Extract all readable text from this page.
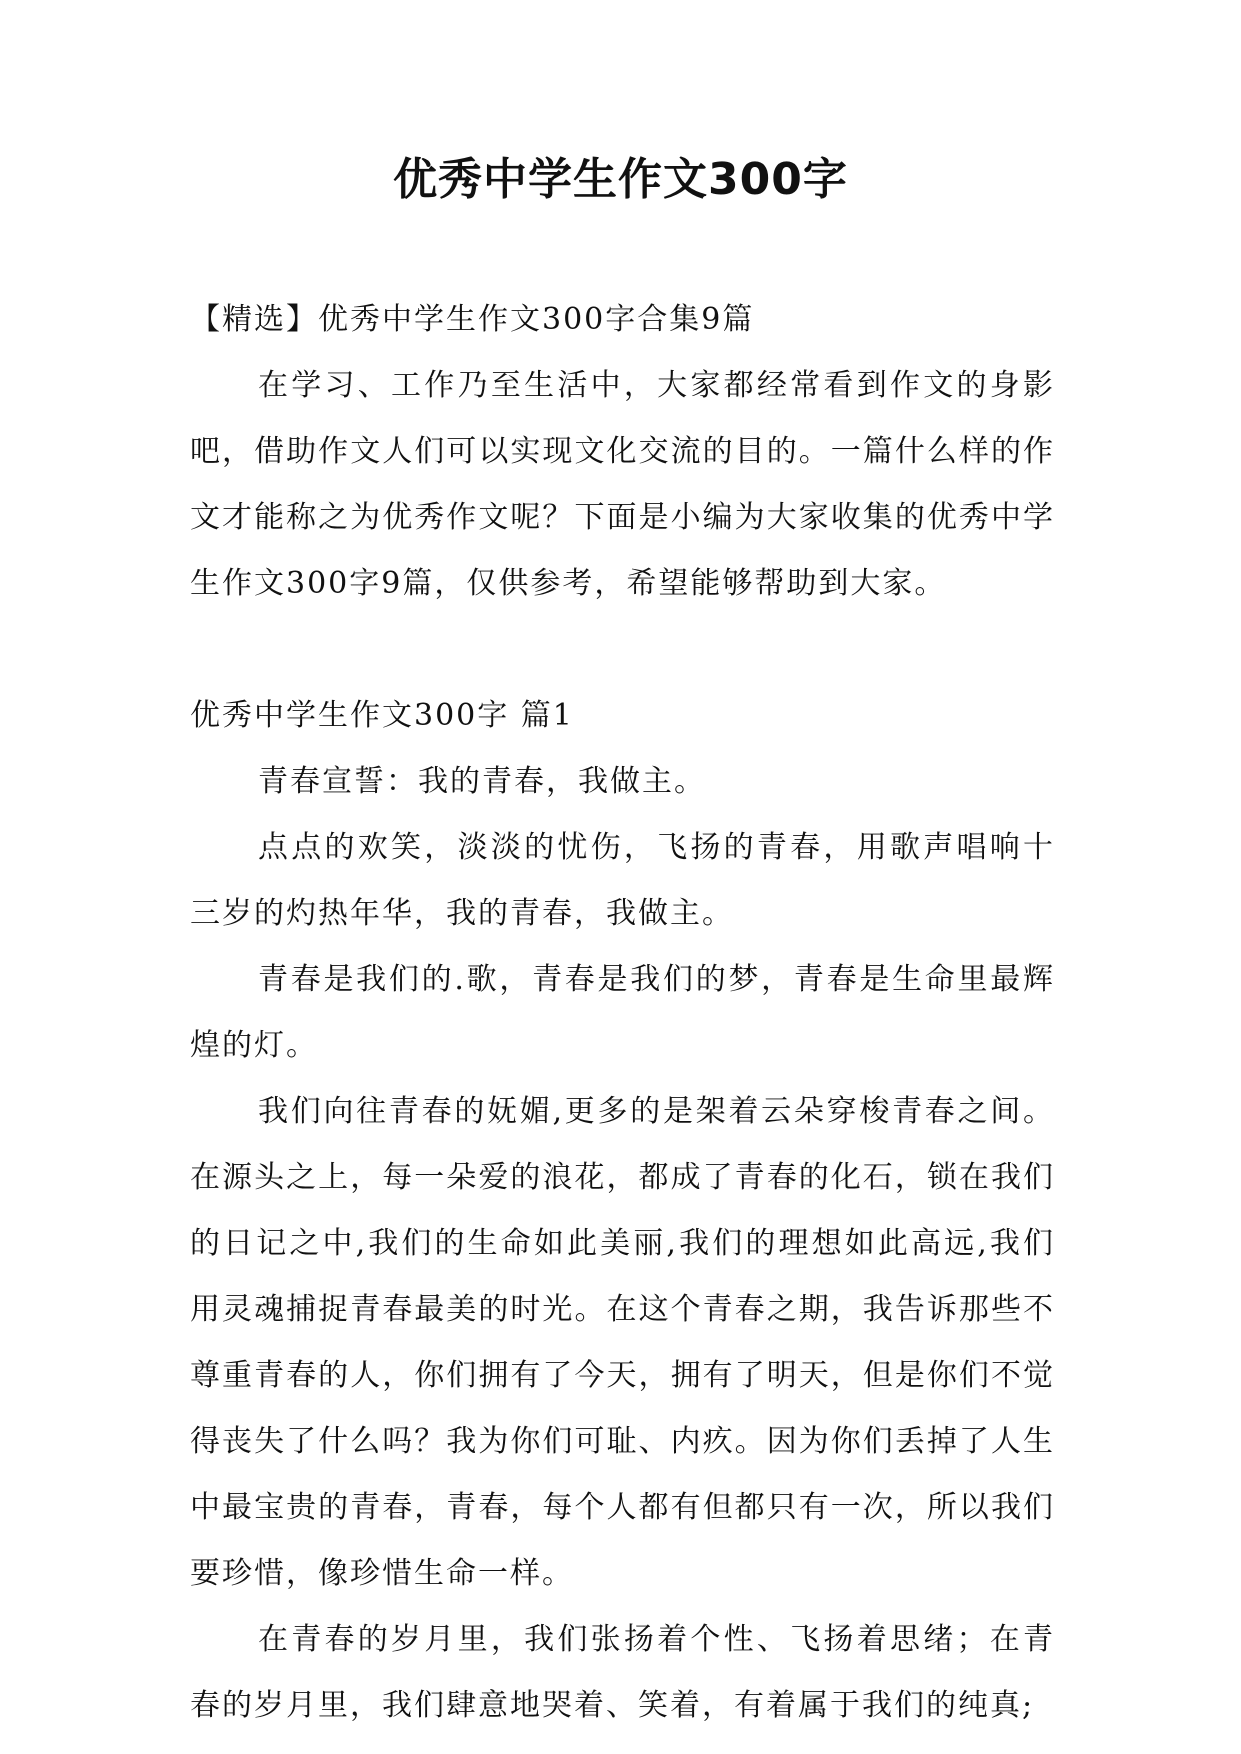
优秀中学生作文300字

【精选】优秀中学生作文300字合集9篇

在学习、工作乃至生活中，大家都经常看到作文的身影吧，借助作文人们可以实现文化交流的目的。一篇什么样的作文才能称之为优秀作文呢？下面是小编为大家收集的优秀中学生作文300字9篇，仅供参考，希望能够帮助到大家。

优秀中学生作文300字 篇1

青春宣誓：我的青春，我做主。

点点的欢笑，淡淡的忧伤，飞扬的青春，用歌声唱响十三岁的灼热年华，我的青春，我做主。

青春是我们的.歌，青春是我们的梦，青春是生命里最辉煌的灯。

我们向往青春的妩媚,更多的是架着云朵穿梭青春之间。在源头之上，每一朵爱的浪花，都成了青春的化石，锁在我们的日记之中,我们的生命如此美丽,我们的理想如此高远,我们用灵魂捕捉青春最美的时光。在这个青春之期，我告诉那些不尊重青春的人，你们拥有了今天，拥有了明天，但是你们不觉得丧失了什么吗？我为你们可耻、内疚。因为你们丢掉了人生中最宝贵的青春，青春，每个人都有但都只有一次，所以我们要珍惜，像珍惜生命一样。

在青春的岁月里，我们张扬着个性、飞扬着思绪；在青春的岁月里，我们肆意地哭着、笑着，有着属于我们的纯真;
